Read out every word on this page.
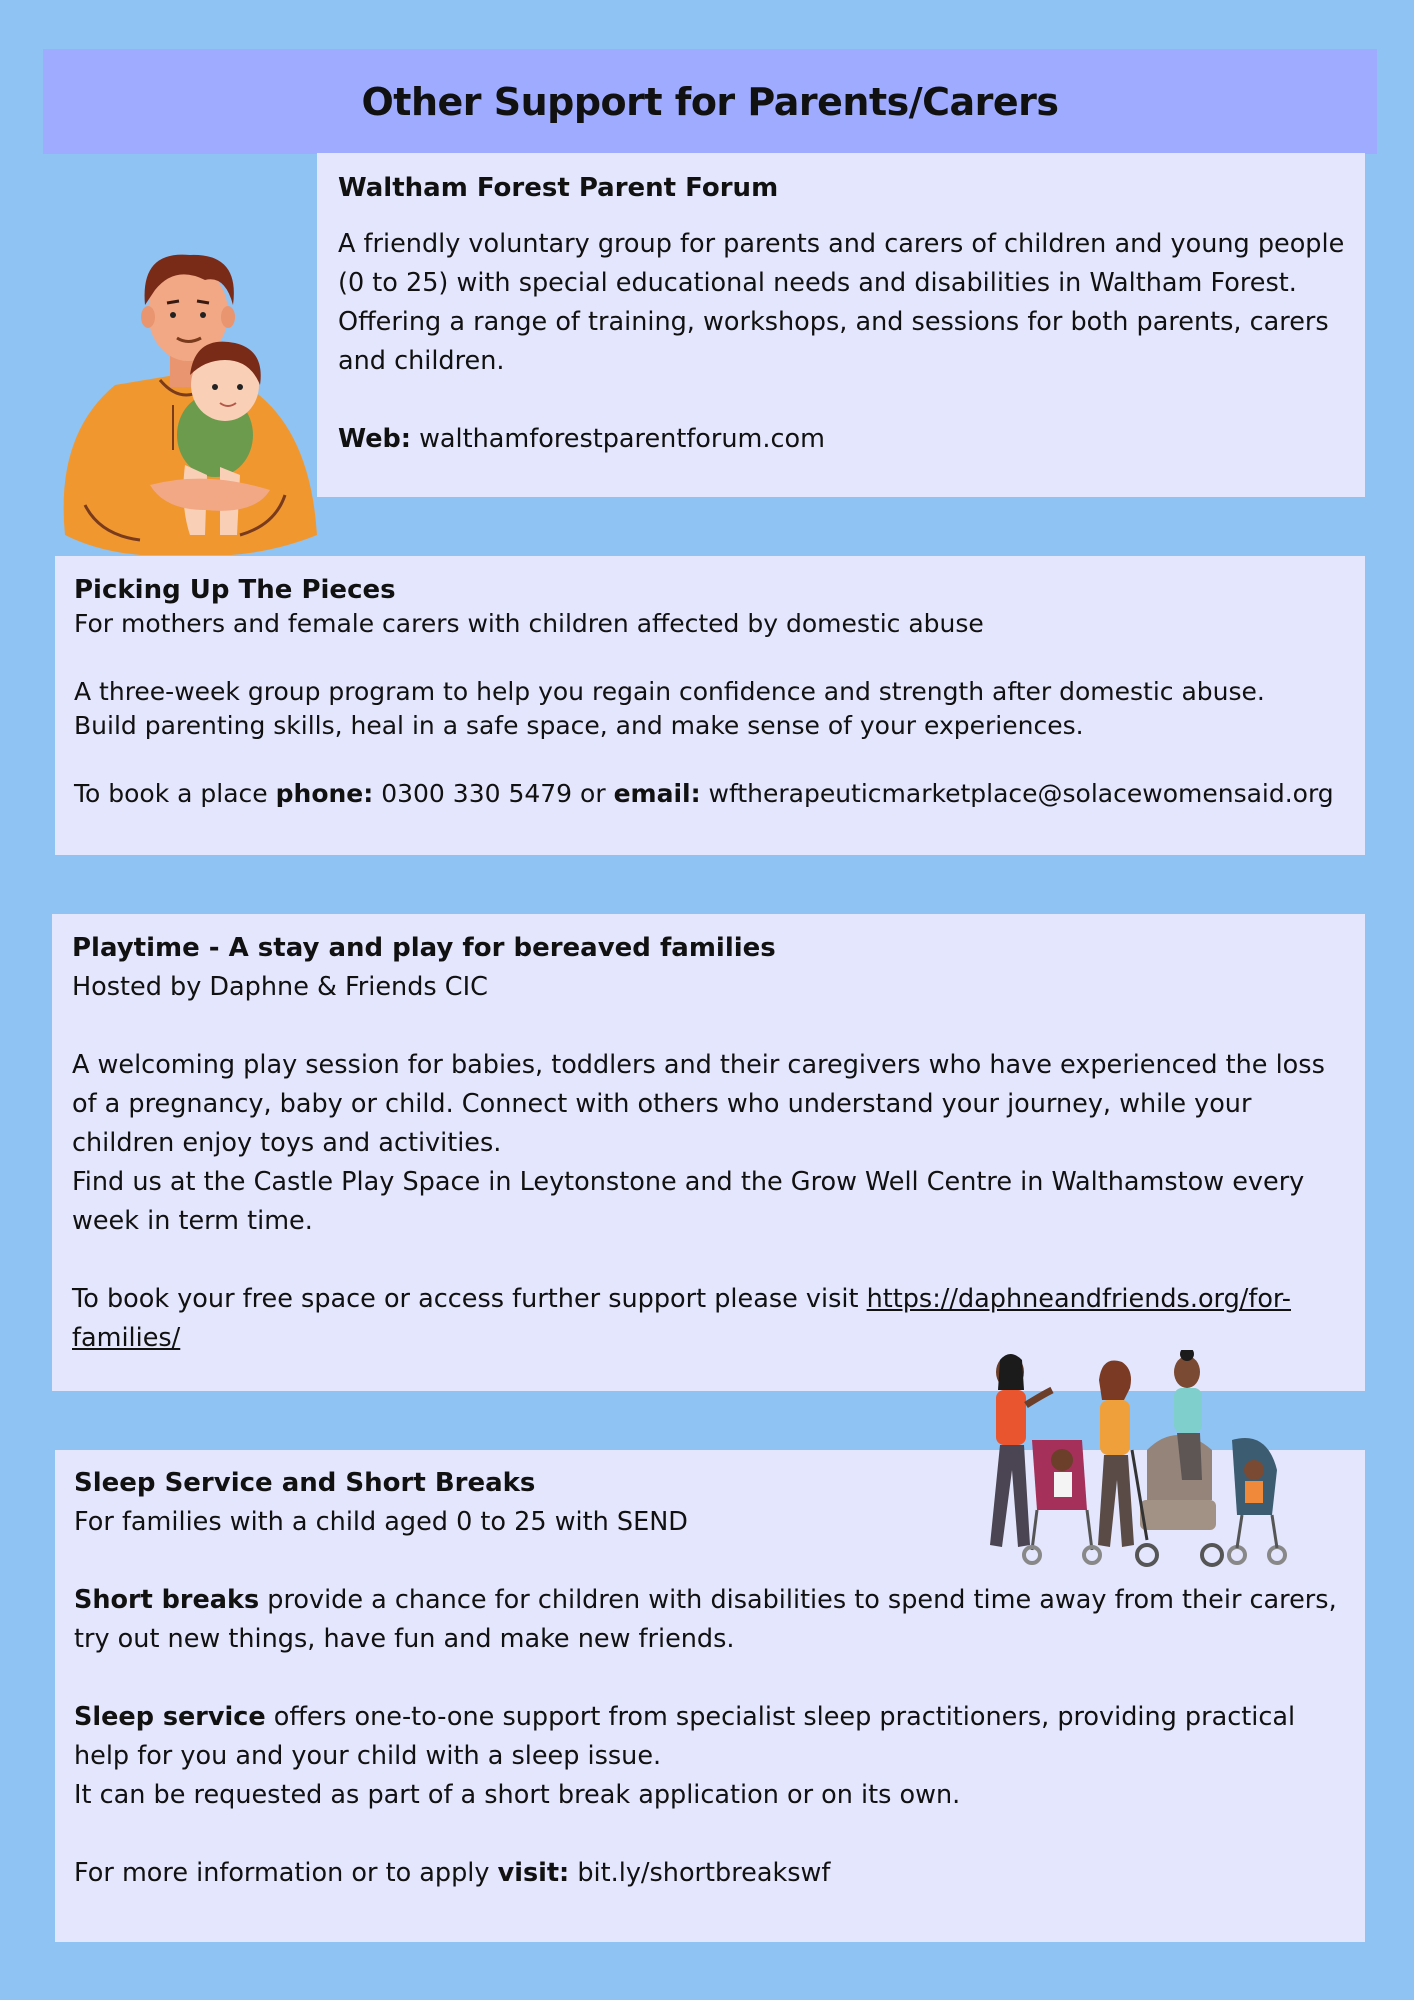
Other Support for Parents/Carers

Waltham Forest Parent Forum

A friendly voluntary group for parents and carers of children and young people (0 to 25) with special educational needs and disabilities in Waltham Forest. Offering a range of training, workshops, and sessions for both parents, carers and children.

Web: walthamforestparentforum.com

Picking Up The Pieces

For mothers and female carers with children affected by domestic abuse

A three-week group program to help you regain confidence and strength after domestic abuse.

Build parenting skills, heal in a safe space, and make sense of your experiences.

To book a place phone: 0300 330 5479 or email: wftherapeuticmarketplace@solacewomensaid.org

Playtime - A stay and play for bereaved families

Hosted by Daphne & Friends CIC

A welcoming play session for babies, toddlers and their caregivers who have experienced the loss of a pregnancy, baby or child. Connect with others who understand your journey, while your children enjoy toys and activities.

Find us at the Castle Play Space in Leytonstone and the Grow Well Centre in Walthamstow every week in term time.

To book your free space or access further support please visit https://daphneandfriends.org/for-families/

Sleep Service and Short Breaks

For families with a child aged 0 to 25 with SEND

Short breaks provide a chance for children with disabilities to spend time away from their carers, try out new things, have fun and make new friends.

Sleep service offers one-to-one support from specialist sleep practitioners, providing practical help for you and your child with a sleep issue.

It can be requested as part of a short break application or on its own.

For more information or to apply visit: bit.ly/shortbreakswf
